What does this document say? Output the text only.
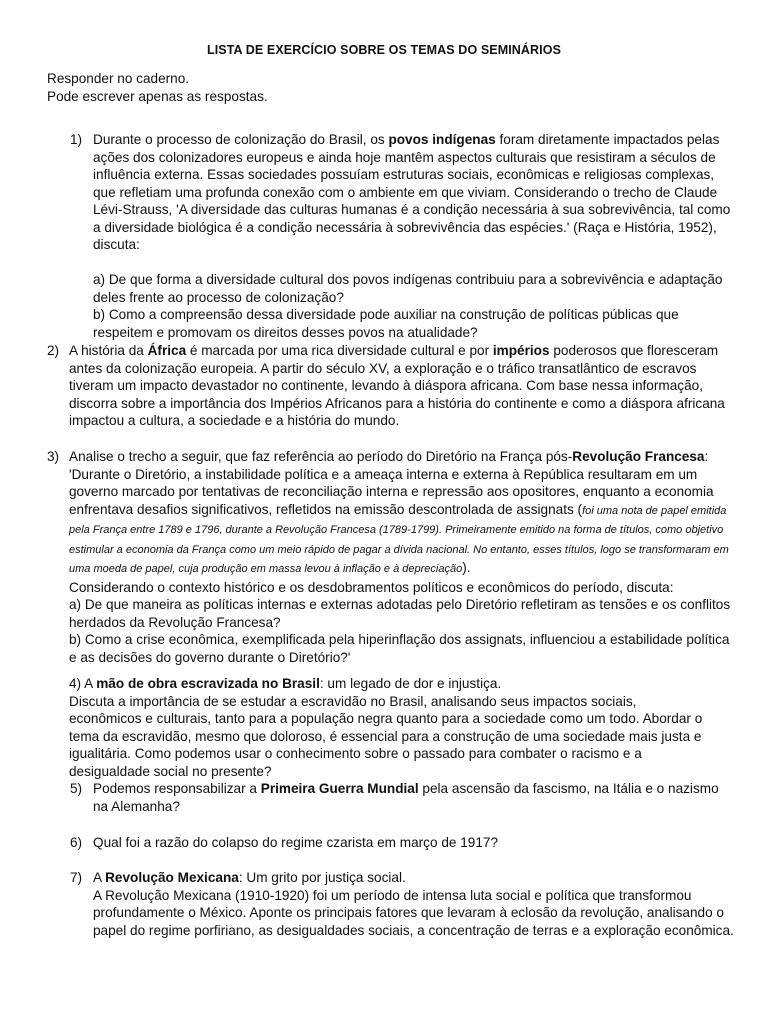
LISTA DE EXERCÍCIO SOBRE OS TEMAS DO SEMINÁRIOS
Responder no caderno.
Pode escrever apenas as respostas.
1) Durante o processo de colonização do Brasil, os povos indígenas foram diretamente impactados pelas ações dos colonizadores europeus e ainda hoje mantêm aspectos culturais que resistiram a séculos de influência externa. Essas sociedades possuíam estruturas sociais, econômicas e religiosas complexas, que refletiam uma profunda conexão com o ambiente em que viviam. Considerando o trecho de Claude Lévi-Strauss, 'A diversidade das culturas humanas é a condição necessária à sua sobrevivência, tal como a diversidade biológica é a condição necessária à sobrevivência das espécies.' (Raça e História, 1952), discuta:
a) De que forma a diversidade cultural dos povos indígenas contribuiu para a sobrevivência e adaptação deles frente ao processo de colonização?
b) Como a compreensão dessa diversidade pode auxiliar na construção de políticas públicas que respeitem e promovam os direitos desses povos na atualidade?
2) A história da África é marcada por uma rica diversidade cultural e por impérios poderosos que floresceram antes da colonização europeia. A partir do século XV, a exploração e o tráfico transatlântico de escravos tiveram um impacto devastador no continente, levando à diáspora africana. Com base nessa informação, discorra sobre a importância dos Impérios Africanos para a história do continente e como a diáspora africana impactou a cultura, a sociedade e a história do mundo.
3) Analise o trecho a seguir, que faz referência ao período do Diretório na França pós-Revolução Francesa: 'Durante o Diretório, a instabilidade política e a ameaça interna e externa à República resultaram em um governo marcado por tentativas de reconciliação interna e repressão aos opositores, enquanto a economia enfrentava desafios significativos, refletidos na emissão descontrolada de assignats (foi uma nota de papel emitida pela França entre 1789 e 1796, durante a Revolução Francesa (1789-1799). Primeiramente emitido na forma de títulos, como objetivo estimular a economia da França como um meio rápido de pagar a dívida nacional. No entanto, esses títulos, logo se transformaram em uma moeda de papel, cuja produção em massa levou à inflação e à depreciação).
Considerando o contexto histórico e os desdobramentos políticos e econômicos do período, discuta:
a) De que maneira as políticas internas e externas adotadas pelo Diretório refletiram as tensões e os conflitos herdados da Revolução Francesa?
b) Como a crise econômica, exemplificada pela hiperinflação dos assignats, influenciou a estabilidade política e as decisões do governo durante o Diretório?'
4) A mão de obra escravizada no Brasil: um legado de dor e injustiça.
Discuta a importância de se estudar a escravidão no Brasil, analisando seus impactos sociais, econômicos e culturais, tanto para a população negra quanto para a sociedade como um todo. Abordar o tema da escravidão, mesmo que doloroso, é essencial para a construção de uma sociedade mais justa e igualitária. Como podemos usar o conhecimento sobre o passado para combater o racismo e a desigualdade social no presente?
5) Podemos responsabilizar a Primeira Guerra Mundial pela ascensão da fascismo, na Itália e o nazismo na Alemanha?
6) Qual foi a razão do colapso do regime czarista em março de 1917?
7) A Revolução Mexicana: Um grito por justiça social.
A Revolução Mexicana (1910-1920) foi um período de intensa luta social e política que transformou profundamente o México. Aponte os principais fatores que levaram à eclosão da revolução, analisando o papel do regime porfiriano, as desigualdades sociais, a concentração de terras e a exploração econômica.
